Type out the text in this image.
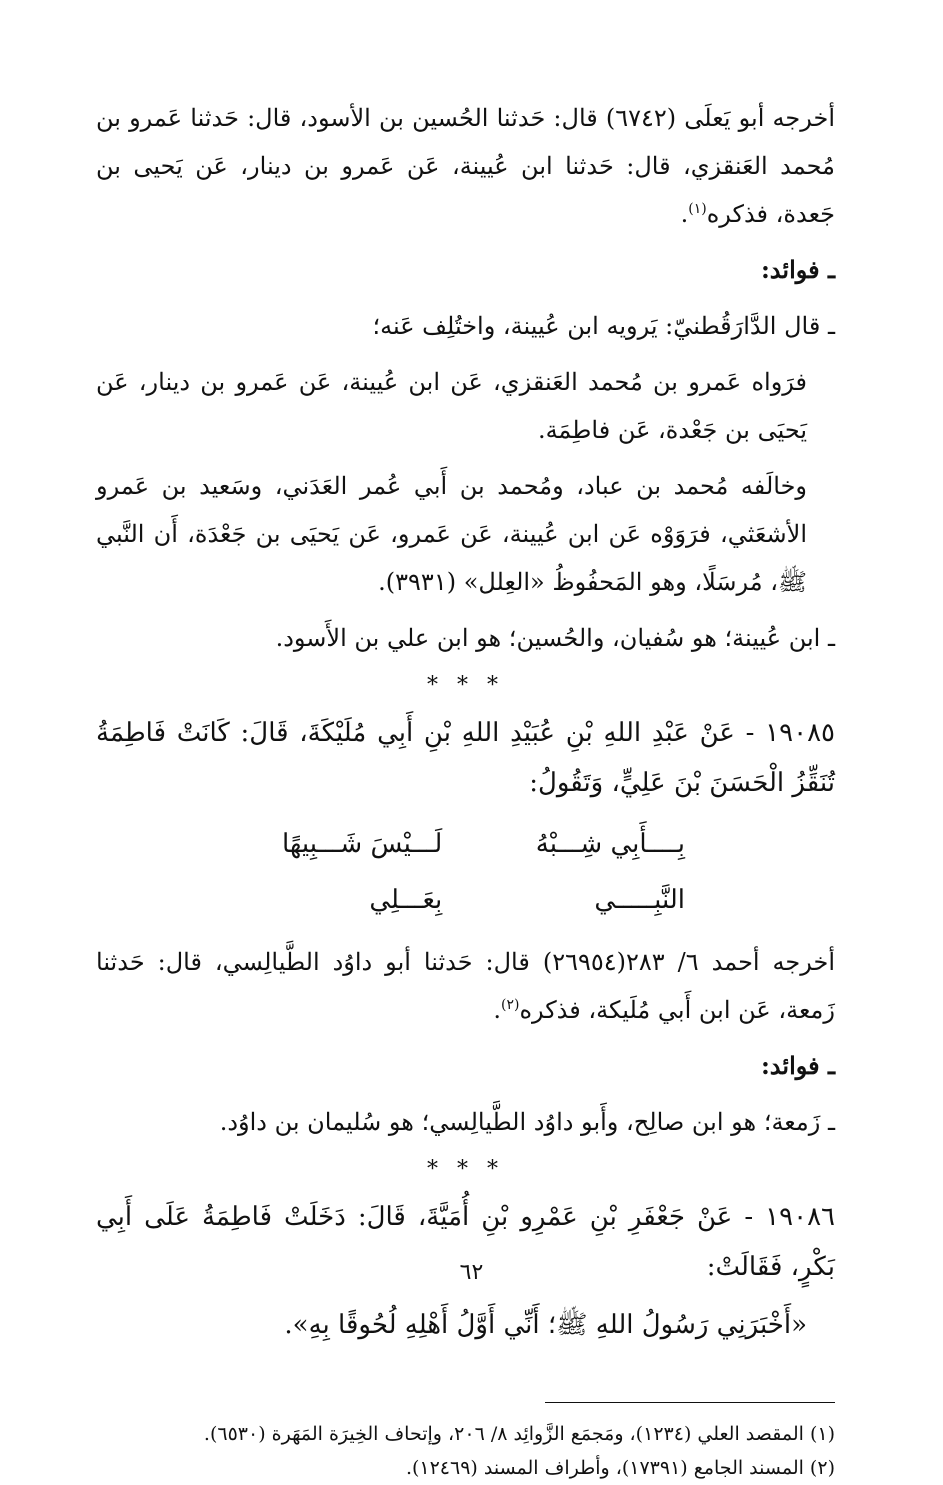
أخرجه أبو يَعلَى (٦٧٤٢) قال: حَدثنا الحُسين بن الأسود، قال: حَدثنا عَمرو بن مُحمد العَنقزي، قال: حَدثنا ابن عُيينة، عَن عَمرو بن دينار، عَن يَحيى بن جَعدة، فذكره$^{(١)}$.

ـ فوائد:

ـ قال الدَّارَقُطنيّ: يَرويه ابن عُيينة، واختُلِف عَنه؛

فرَواه عَمرو بن مُحمد العَنقزي، عَن ابن عُيينة، عَن عَمرو بن دينار، عَن يَحيَى بن جَعْدة، عَن فاطِمَة.

وخالَفه مُحمد بن عباد، ومُحمد بن أَبي عُمر العَدَني، وسَعيد بن عَمرو الأشعَثي، فرَوَوْه عَن ابن عُيينة، عَن عَمرو، عَن يَحيَى بن جَعْدَة، أَن النَّبي ﷺ، مُرسَلًا، وهو المَحفُوظُ «العِلل» (٣٩٣١).

ـ ابن عُيينة؛ هو سُفيان، والحُسين؛ هو ابن علي بن الأَسود.

* * *

١٩٠٨٥ - عَنْ عَبْدِ اللهِ بْنِ عُبَيْدِ اللهِ بْنِ أَبِي مُلَيْكَةَ، قَالَ: كَانَتْ فَاطِمَةُ تُنَقِّزُ الْحَسَنَ بْنَ عَلِيٍّ، وَتَقُولُ:

بِــــأَبِي شِـــبْهُ النَّبِـــــي
لَـــيْسَ شَـــبِيهًا بِعَـــلِي

أخرجه أحمد ٦/ ٢٨٣(٢٦٩٥٤) قال: حَدثنا أبو داوُد الطَّيالِسي، قال: حَدثنا زَمعة، عَن ابن أَبي مُلَيكة، فذكره$^{(٢)}$.

ـ فوائد:

ـ زَمعة؛ هو ابن صالِح، وأَبو داوُد الطَّيالِسي؛ هو سُليمان بن داوُد.

* * *

١٩٠٨٦ - عَنْ جَعْفَرِ بْنِ عَمْرِو بْنِ أُمَيَّةَ، قَالَ: دَخَلَتْ فَاطِمَةُ عَلَى أَبِي بَكْرٍ، فَقَالَتْ:

«أَخْبَرَنِي رَسُولُ اللهِ ﷺ؛ أَنِّي أَوَّلُ أَهْلِهِ لُحُوقًا بِهِ».

(١) المقصد العلي (١٢٣٤)، ومَجمَع الزَّوائِد ٨/ ٢٠٦، وإتحاف الخِيرَة المَهَرة (٦٥٣٠).

(٢) المسند الجامع (١٧٣٩١)، وأطراف المسند (١٢٤٦٩).

٦٢
